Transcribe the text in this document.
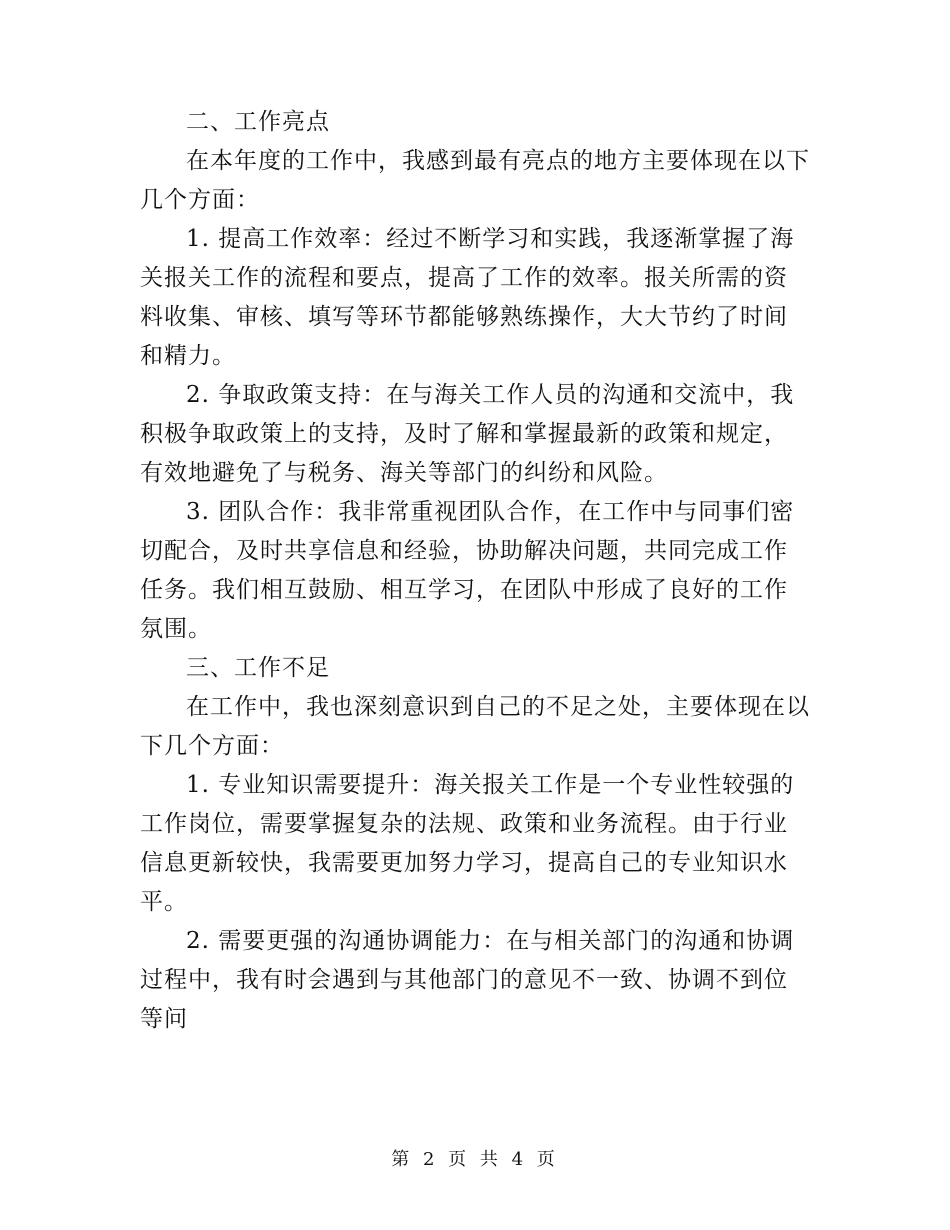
二、工作亮点

在本年度的工作中，我感到最有亮点的地方主要体现在以下几个方面：

1. 提高工作效率：经过不断学习和实践，我逐渐掌握了海关报关工作的流程和要点，提高了工作的效率。报关所需的资料收集、审核、填写等环节都能够熟练操作，大大节约了时间和精力。

2. 争取政策支持：在与海关工作人员的沟通和交流中，我积极争取政策上的支持，及时了解和掌握最新的政策和规定，有效地避免了与税务、海关等部门的纠纷和风险。

3. 团队合作：我非常重视团队合作，在工作中与同事们密切配合，及时共享信息和经验，协助解决问题，共同完成工作任务。我们相互鼓励、相互学习，在团队中形成了良好的工作氛围。

三、工作不足

在工作中，我也深刻意识到自己的不足之处，主要体现在以下几个方面：

1. 专业知识需要提升：海关报关工作是一个专业性较强的工作岗位，需要掌握复杂的法规、政策和业务流程。由于行业信息更新较快，我需要更加努力学习，提高自己的专业知识水平。

2. 需要更强的沟通协调能力：在与相关部门的沟通和协调过程中，我有时会遇到与其他部门的意见不一致、协调不到位等问

第 2 页 共 4 页
